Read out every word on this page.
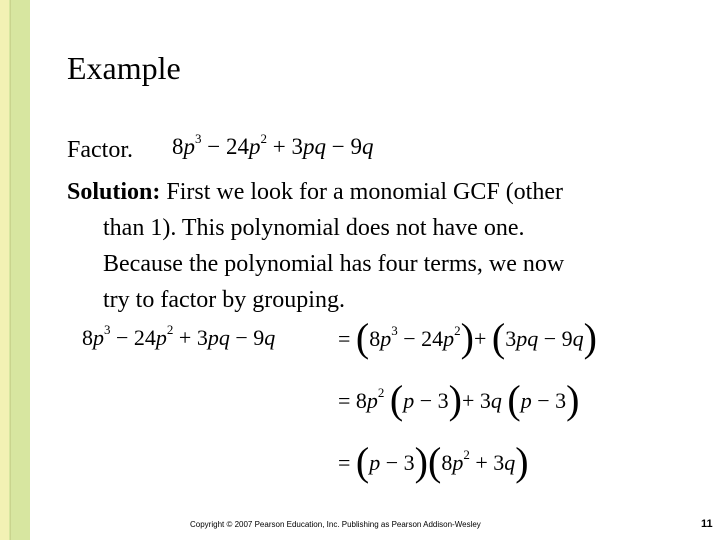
Example
Factor. $8p^3 - 24p^2 + 3pq - 9q$
Solution: First we look for a monomial GCF (other
than 1). This polynomial does not have one.
Because the polynomial has four terms, we now
try to factor by grouping.
$8p^3 - 24p^2 + 3pq - 9q$	= $(8p^3 - 24p^2)+ (3pq - 9q)$
= $8p^2$ (p − 3)+ 3q (p − 3)
= $(p - 3)(8p^2 + 3q)$
Copyright © 2007 Pearson Education, Inc. Publishing as Pearson Addison-Wesley	11
